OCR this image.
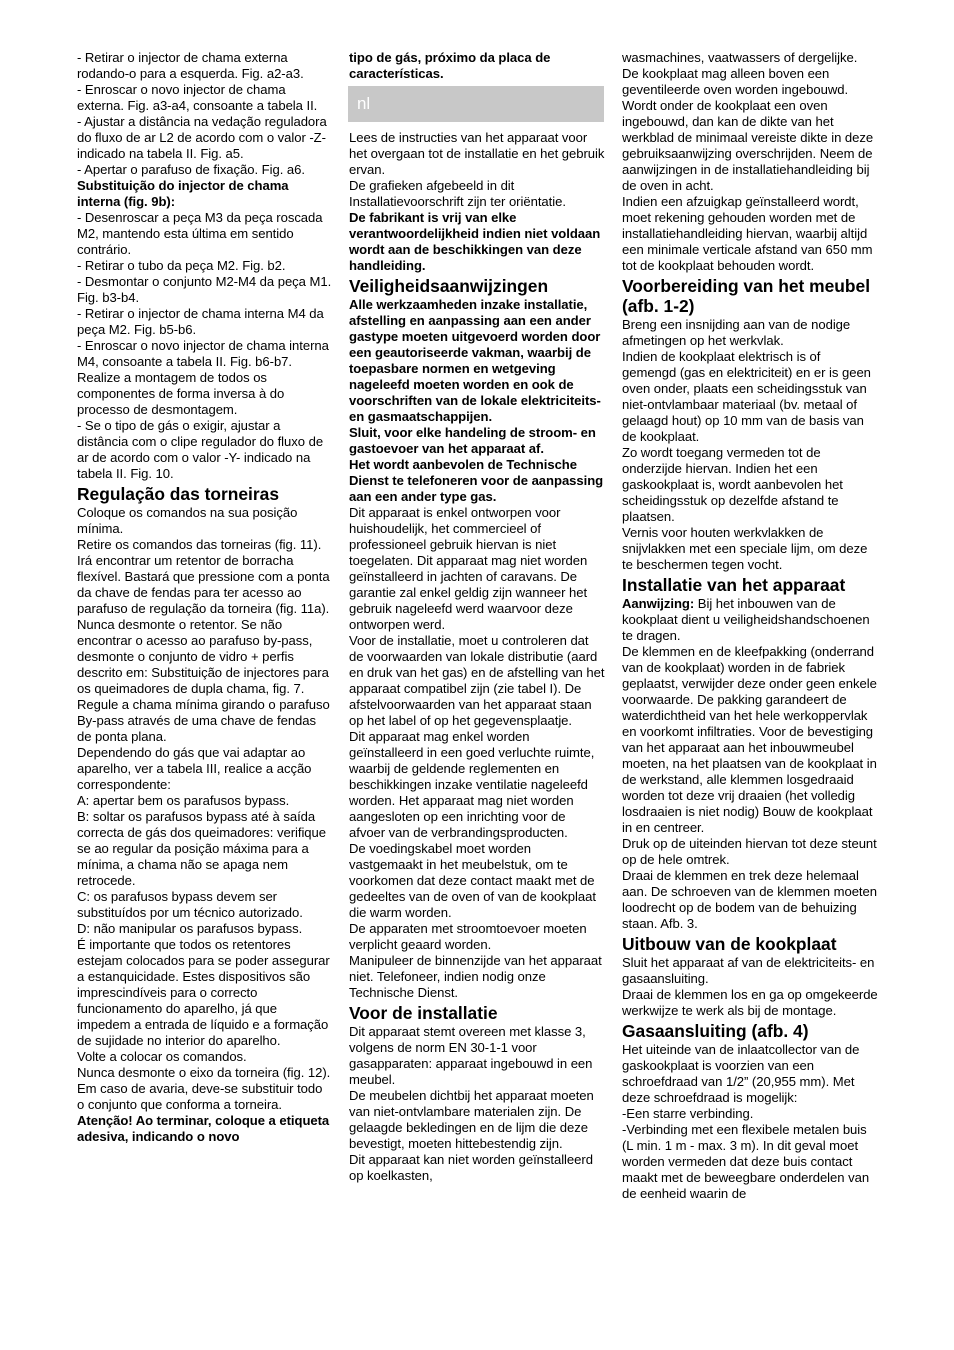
- Retirar o injector de chama externa rodando-o para a esquerda. Fig. a2-a3.

- Enroscar o novo injector de chama externa. Fig. a3-a4, consoante a tabela II.

- Ajustar a distância na vedação reguladora do fluxo de ar L2 de acordo com o valor -Z- indicado na tabela II. Fig. a5.

- Apertar o parafuso de fixação. Fig. a6.

Substituição do injector de chama interna (fig. 9b):

- Desenroscar a peça M3 da peça roscada M2, mantendo esta última em sentido contrário.

- Retirar o tubo da peça M2. Fig. b2.

- Desmontar o conjunto M2-M4 da peça M1. Fig. b3-b4.

- Retirar o injector de chama interna M4 da peça M2. Fig. b5-b6.

- Enroscar o novo injector de chama interna M4, consoante a tabela II. Fig. b6-b7.

Realize a montagem de todos os componentes de forma inversa à do processo de desmontagem.

- Se o tipo de gás o exigir, ajustar a distância com o clipe regulador do fluxo de ar de acordo com o valor -Y- indicado na tabela II. Fig. 10.

Regulação das torneiras

Coloque os comandos na sua posição mínima.

Retire os comandos das torneiras (fig. 11).

Irá encontrar um retentor de borracha flexível. Bastará que pressione com a ponta da chave de fendas para ter acesso ao parafuso de regulação da torneira (fig. 11a). Nunca desmonte o retentor. Se não encontrar o acesso ao parafuso by-pass, desmonte o conjunto de vidro + perfis descrito em: Substituição de injectores para os queimadores de dupla chama, fig. 7.

Regule a chama mínima girando o parafuso By-pass através de uma chave de fendas de ponta plana.

Dependendo do gás que vai adaptar ao aparelho, ver a tabela III, realice a acção correspondente:

A: apertar bem os parafusos bypass.

B: soltar os parafusos bypass até à saída correcta de gás dos queimadores: verifique se ao regular da posição máxima para a mínima, a chama não se apaga nem retrocede.

C: os parafusos bypass devem ser substituídos por um técnico autorizado.

D: não manipular os parafusos bypass.

É importante que todos os retentores estejam colocados para se poder assegurar a estanquicidade. Estes dispositivos são imprescindíveis para o correcto funcionamento do aparelho, já que impedem a entrada de líquido e a formação de sujidade no interior do aparelho.

Volte a colocar os comandos.

Nunca desmonte o eixo da torneira (fig. 12). Em caso de avaria, deve-se substituir todo o conjunto que conforma a torneira.

Atenção! Ao terminar, coloque a etiqueta adesiva, indicando o novo

tipo de gás, próximo da placa de características.

nl

Lees de instructies van het apparaat voor het overgaan tot de installatie en het gebruik ervan.

De grafieken afgebeeld in dit Installatievoorschrift zijn ter oriëntatie.

De fabrikant is vrij van elke verantwoordelijkheid indien niet voldaan wordt aan de beschikkingen van deze handleiding.

Veiligheidsaanwijzingen

Alle werkzaamheden inzake installatie, afstelling en aanpassing aan een ander gastype moeten uitgevoerd worden door een geautoriseerde vakman, waarbij de toepasbare normen en wetgeving nageleefd moeten worden en ook de voorschriften van de lokale elektriciteits- en gasmaatschappijen.

Sluit, voor elke handeling de stroom- en gastoevoer van het apparaat af.

Het wordt aanbevolen de Technische Dienst te telefoneren voor de aanpassing aan een ander type gas.

Dit apparaat is enkel ontworpen voor huishoudelijk, het commercieel of professioneel gebruik hiervan is niet toegelaten. Dit apparaat mag niet worden geïnstalleerd in jachten of caravans. De garantie zal enkel geldig zijn wanneer het gebruik nageleefd werd waarvoor deze ontworpen werd.

Voor de installatie, moet u controleren dat de voorwaarden van lokale distributie (aard en druk van het gas) en de afstelling van het apparaat compatibel zijn (zie tabel I). De afstelvoorwaarden van het apparaat staan op het label of op het gegevensplaatje.

Dit apparaat mag enkel worden geïnstalleerd in een goed verluchte ruimte, waarbij de geldende reglementen en beschikkingen inzake ventilatie nageleefd worden. Het apparaat mag niet worden aangesloten op een inrichting voor de afvoer van de verbrandingsproducten.

De voedingskabel moet worden vastgemaakt in het meubelstuk, om te voorkomen dat deze contact maakt met de gedeeltes van de oven of van de kookplaat die warm worden.

De apparaten met stroomtoevoer moeten verplicht geaard worden.

Manipuleer de binnenzijde van het apparaat niet. Telefoneer, indien nodig onze Technische Dienst.

Voor de installatie

Dit apparaat stemt overeen met klasse 3, volgens de norm EN 30-1-1 voor gasapparaten: apparaat ingebouwd in een meubel.

De meubelen dichtbij het apparaat moeten van niet-ontvlambare materialen zijn. De gelaagde bekledingen en de lijm die deze bevestigt, moeten hittebestendig zijn.

Dit apparaat kan niet worden geïnstalleerd op koelkasten,

wasmachines, vaatwassers of dergelijke.

De kookplaat mag alleen boven een geventileerde oven worden ingebouwd. Wordt onder de kookplaat een oven ingebouwd, dan kan de dikte van het werkblad de minimaal vereiste dikte in deze gebruiksaanwijzing overschrijden. Neem de aanwijzingen in de installatiehandleiding bij de oven in acht.

Indien een afzuigkap geïnstalleerd wordt, moet rekening gehouden worden met de installatiehandleiding hiervan, waarbij altijd een minimale verticale afstand van 650 mm tot de kookplaat behouden wordt.

Voorbereiding van het meubel (afb. 1-2)

Breng een insnijding aan van de nodige afmetingen op het werkvlak.

Indien de kookplaat elektrisch is of gemengd (gas en elektriciteit) en er is geen oven onder, plaats een scheidingsstuk van niet-ontvlambaar materiaal (bv. metaal of gelaagd hout) op 10 mm van de basis van de kookplaat.

Zo wordt toegang vermeden tot de onderzijde hiervan. Indien het een gaskookplaat is, wordt aanbevolen het scheidingsstuk op dezelfde afstand te plaatsen.

Vernis voor houten werkvlakken de snijvlakken met een speciale lijm, om deze te beschermen tegen vocht.

Installatie van het apparaat

Aanwijzing: Bij het inbouwen van de kookplaat dient u veiligheidshandschoenen te dragen.

De klemmen en de kleefpakking (onderrand van de kookplaat) worden in de fabriek geplaatst, verwijder deze onder geen enkele voorwaarde. De pakking garandeert de waterdichtheid van het hele werkoppervlak en voorkomt infiltraties. Voor de bevestiging van het apparaat aan het inbouwmeubel moeten, na het plaatsen van de kookplaat in de werkstand, alle klemmen losgedraaid worden tot deze vrij draaien (het volledig losdraaien is niet nodig) Bouw de kookplaat in en centreer.

Druk op de uiteinden hiervan tot deze steunt op de hele omtrek.

Draai de klemmen en trek deze helemaal aan. De schroeven van de klemmen moeten loodrecht op de bodem van de behuizing staan. Afb. 3.

Uitbouw van de kookplaat

Sluit het apparaat af van de elektriciteits- en gasaansluiting.

Draai de klemmen los en ga op omgekeerde werkwijze te werk als bij de montage.

Gasaansluiting (afb. 4)

Het uiteinde van de inlaatcollector van de gaskookplaat is voorzien van een schroefdraad van 1/2” (20,955 mm). Met deze schroefdraad is mogelijk:

-Een starre verbinding.

-Verbinding met een flexibele metalen buis (L min. 1 m - max. 3 m). In dit geval moet worden vermeden dat deze buis contact maakt met de beweegbare onderdelen van de eenheid waarin de
